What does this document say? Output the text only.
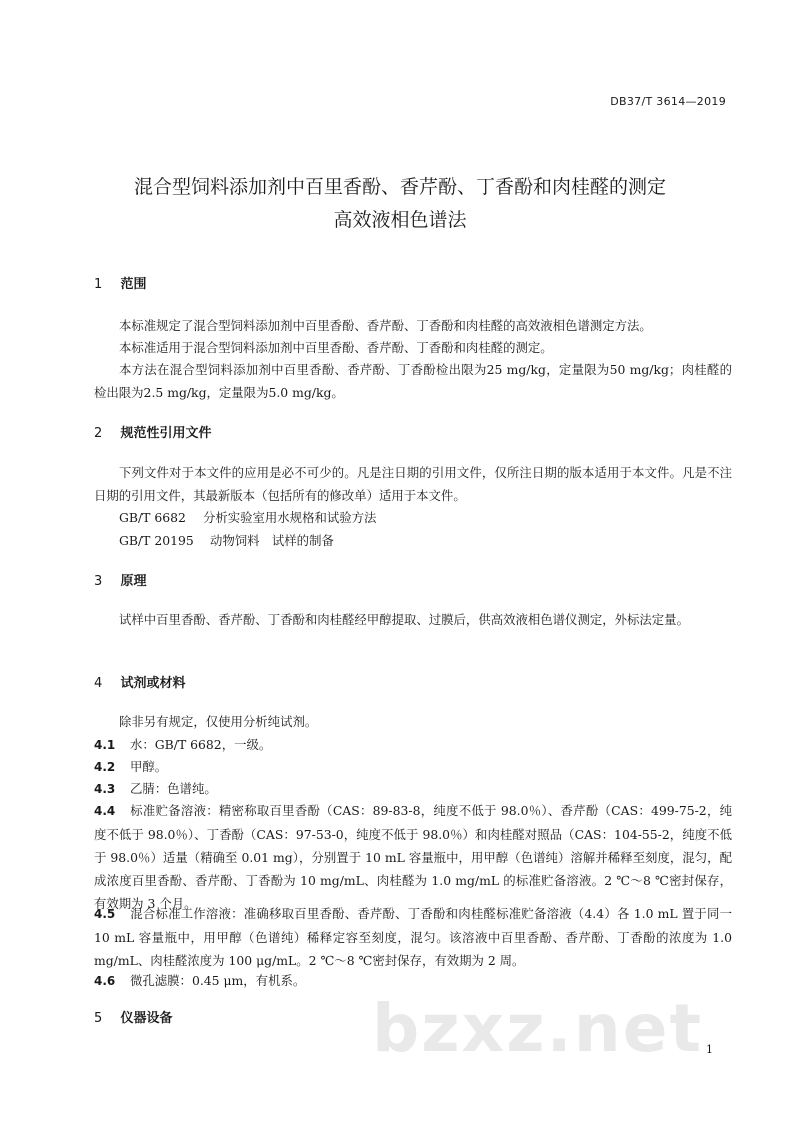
DB37/T 3614—2019
混合型饲料添加剂中百里香酚、香芹酚、丁香酚和肉桂醛的测定
高效液相色谱法
1 范围
本标准规定了混合型饲料添加剂中百里香酚、香芹酚、丁香酚和肉桂醛的高效液相色谱测定方法。
本标准适用于混合型饲料添加剂中百里香酚、香芹酚、丁香酚和肉桂醛的测定。
本方法在混合型饲料添加剂中百里香酚、香芹酚、丁香酚检出限为25 mg/kg，定量限为50 mg/kg；肉桂醛的检出限为2.5 mg/kg，定量限为5.0 mg/kg。
2 规范性引用文件
下列文件对于本文件的应用是必不可少的。凡是注日期的引用文件，仅所注日期的版本适用于本文件。凡是不注日期的引用文件，其最新版本（包括所有的修改单）适用于本文件。
GB/T 6682 分析实验室用水规格和试验方法
GB/T 20195 动物饲料　试样的制备
3 原理
试样中百里香酚、香芹酚、丁香酚和肉桂醛经甲醇提取、过膜后，供高效液相色谱仪测定，外标法定量。
4 试剂或材料
除非另有规定，仅使用分析纯试剂。
4.1 水：GB/T 6682，一级。
4.2 甲醇。
4.3 乙腈：色谱纯。
4.4 标准贮备溶液：精密称取百里香酚（CAS：89-83-8，纯度不低于 98.0％）、香芹酚（CAS：499-75-2，纯度不低于 98.0％）、丁香酚（CAS：97-53-0，纯度不低于 98.0％）和肉桂醛对照品（CAS：104-55-2，纯度不低于 98.0％）适量（精确至 0.01 mg），分别置于 10 mL 容量瓶中，用甲醇（色谱纯）溶解并稀释至刻度，混匀，配成浓度百里香酚、香芹酚、丁香酚为 10 mg/mL、肉桂醛为 1.0 mg/mL 的标准贮备溶液。2 ℃～8 ℃密封保存，有效期为 3 个月。
4.5 混合标准工作溶液：准确移取百里香酚、香芹酚、丁香酚和肉桂醛标准贮备溶液（4.4）各 1.0 mL 置于同一 10 mL 容量瓶中，用甲醇（色谱纯）稀释定容至刻度，混匀。该溶液中百里香酚、香芹酚、丁香酚的浓度为 1.0 mg/mL、肉桂醛浓度为 100 μg/mL。2 ℃～8 ℃密封保存，有效期为 2 周。
4.6 微孔滤膜：0.45 μm，有机系。
5 仪器设备	bzxz.net 1
